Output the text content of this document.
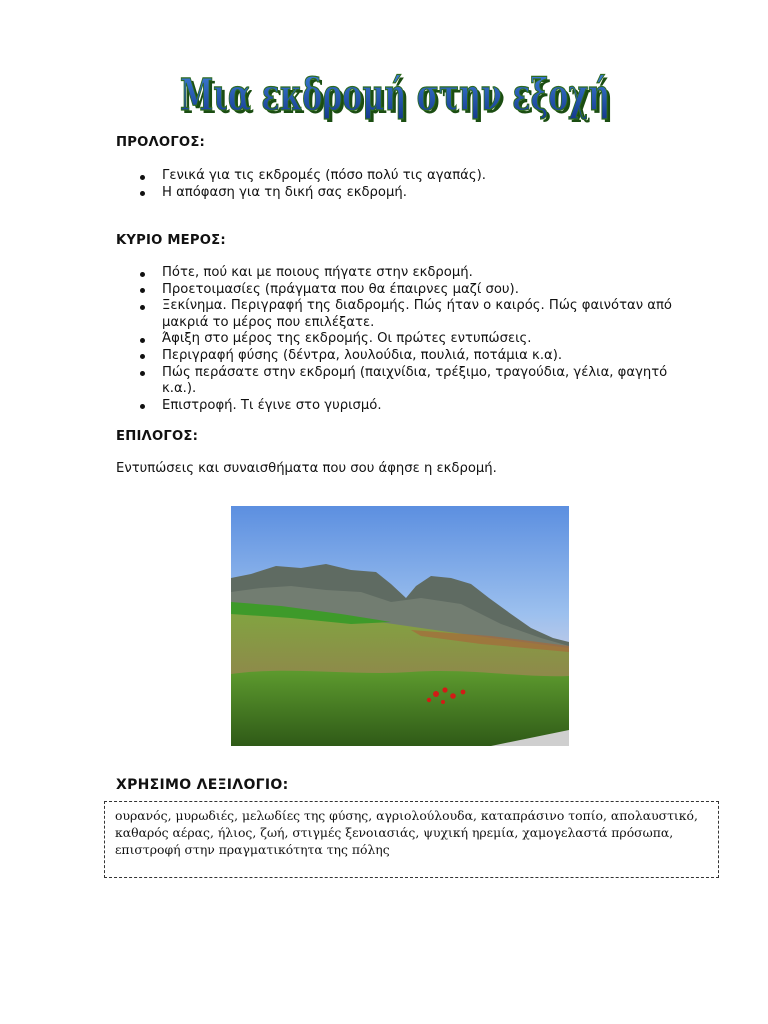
Μια εκδρομή στην εξοχή
Μια εκδρομή στην εξοχή
ΠΡΟΛΟΓΟΣ:
Γενικά για τις εκδρομές (πόσο πολύ τις αγαπάς).
Η απόφαση για τη δική σας εκδρομή.
ΚΥΡΙΟ ΜΕΡΟΣ:
Πότε, πού και με ποιους πήγατε στην εκδρομή.
Προετοιμασίες (πράγματα που θα έπαιρνες μαζί σου).
Ξεκίνημα. Περιγραφή της διαδρομής. Πώς ήταν ο καιρός. Πώς φαινόταν από μακριά το μέρος που επιλέξατε.
Άφιξη στο μέρος της εκδρομής. Οι πρώτες εντυπώσεις.
Περιγραφή φύσης (δέντρα, λουλούδια, πουλιά, ποτάμια κ.α).
Πώς περάσατε στην εκδρομή (παιχνίδια, τρέξιμο, τραγούδια, γέλια, φαγητό κ.α.).
Επιστροφή. Τι έγινε στο γυρισμό.
ΕΠΙΛΟΓΟΣ:
Εντυπώσεις και συναισθήματα που σου άφησε η εκδρομή.
ΧΡΗΣΙΜΟ ΛΕΞΙΛΟΓΙΟ:
ουρανός, μυρωδιές, μελωδίες της φύσης, αγριολούλουδα, καταπράσινο τοπίο, απολαυστικό, καθαρός αέρας, ήλιος, ζωή, στιγμές ξενοιασιάς, ψυχική ηρεμία, χαμογελαστά πρόσωπα, επιστροφή στην πραγματικότητα της πόλης
